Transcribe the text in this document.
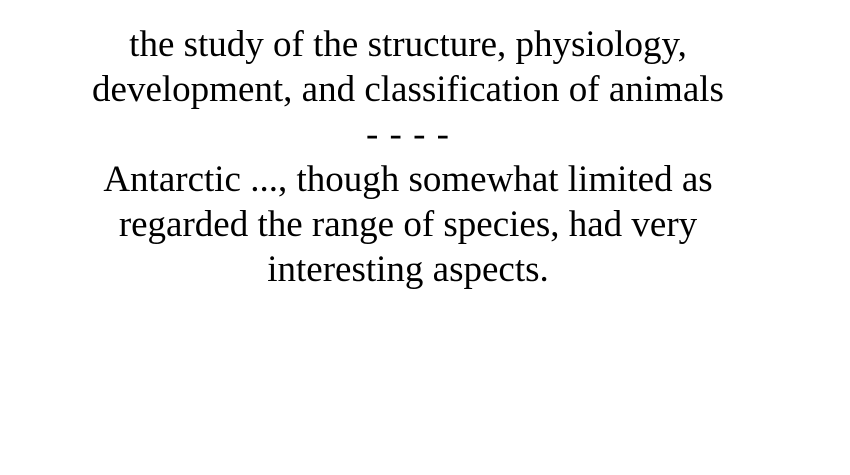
the study of the structure, physiology,
development, and classification of animals
- - - -
Antarctic ..., though somewhat limited as
regarded the range of species, had very
interesting aspects.
